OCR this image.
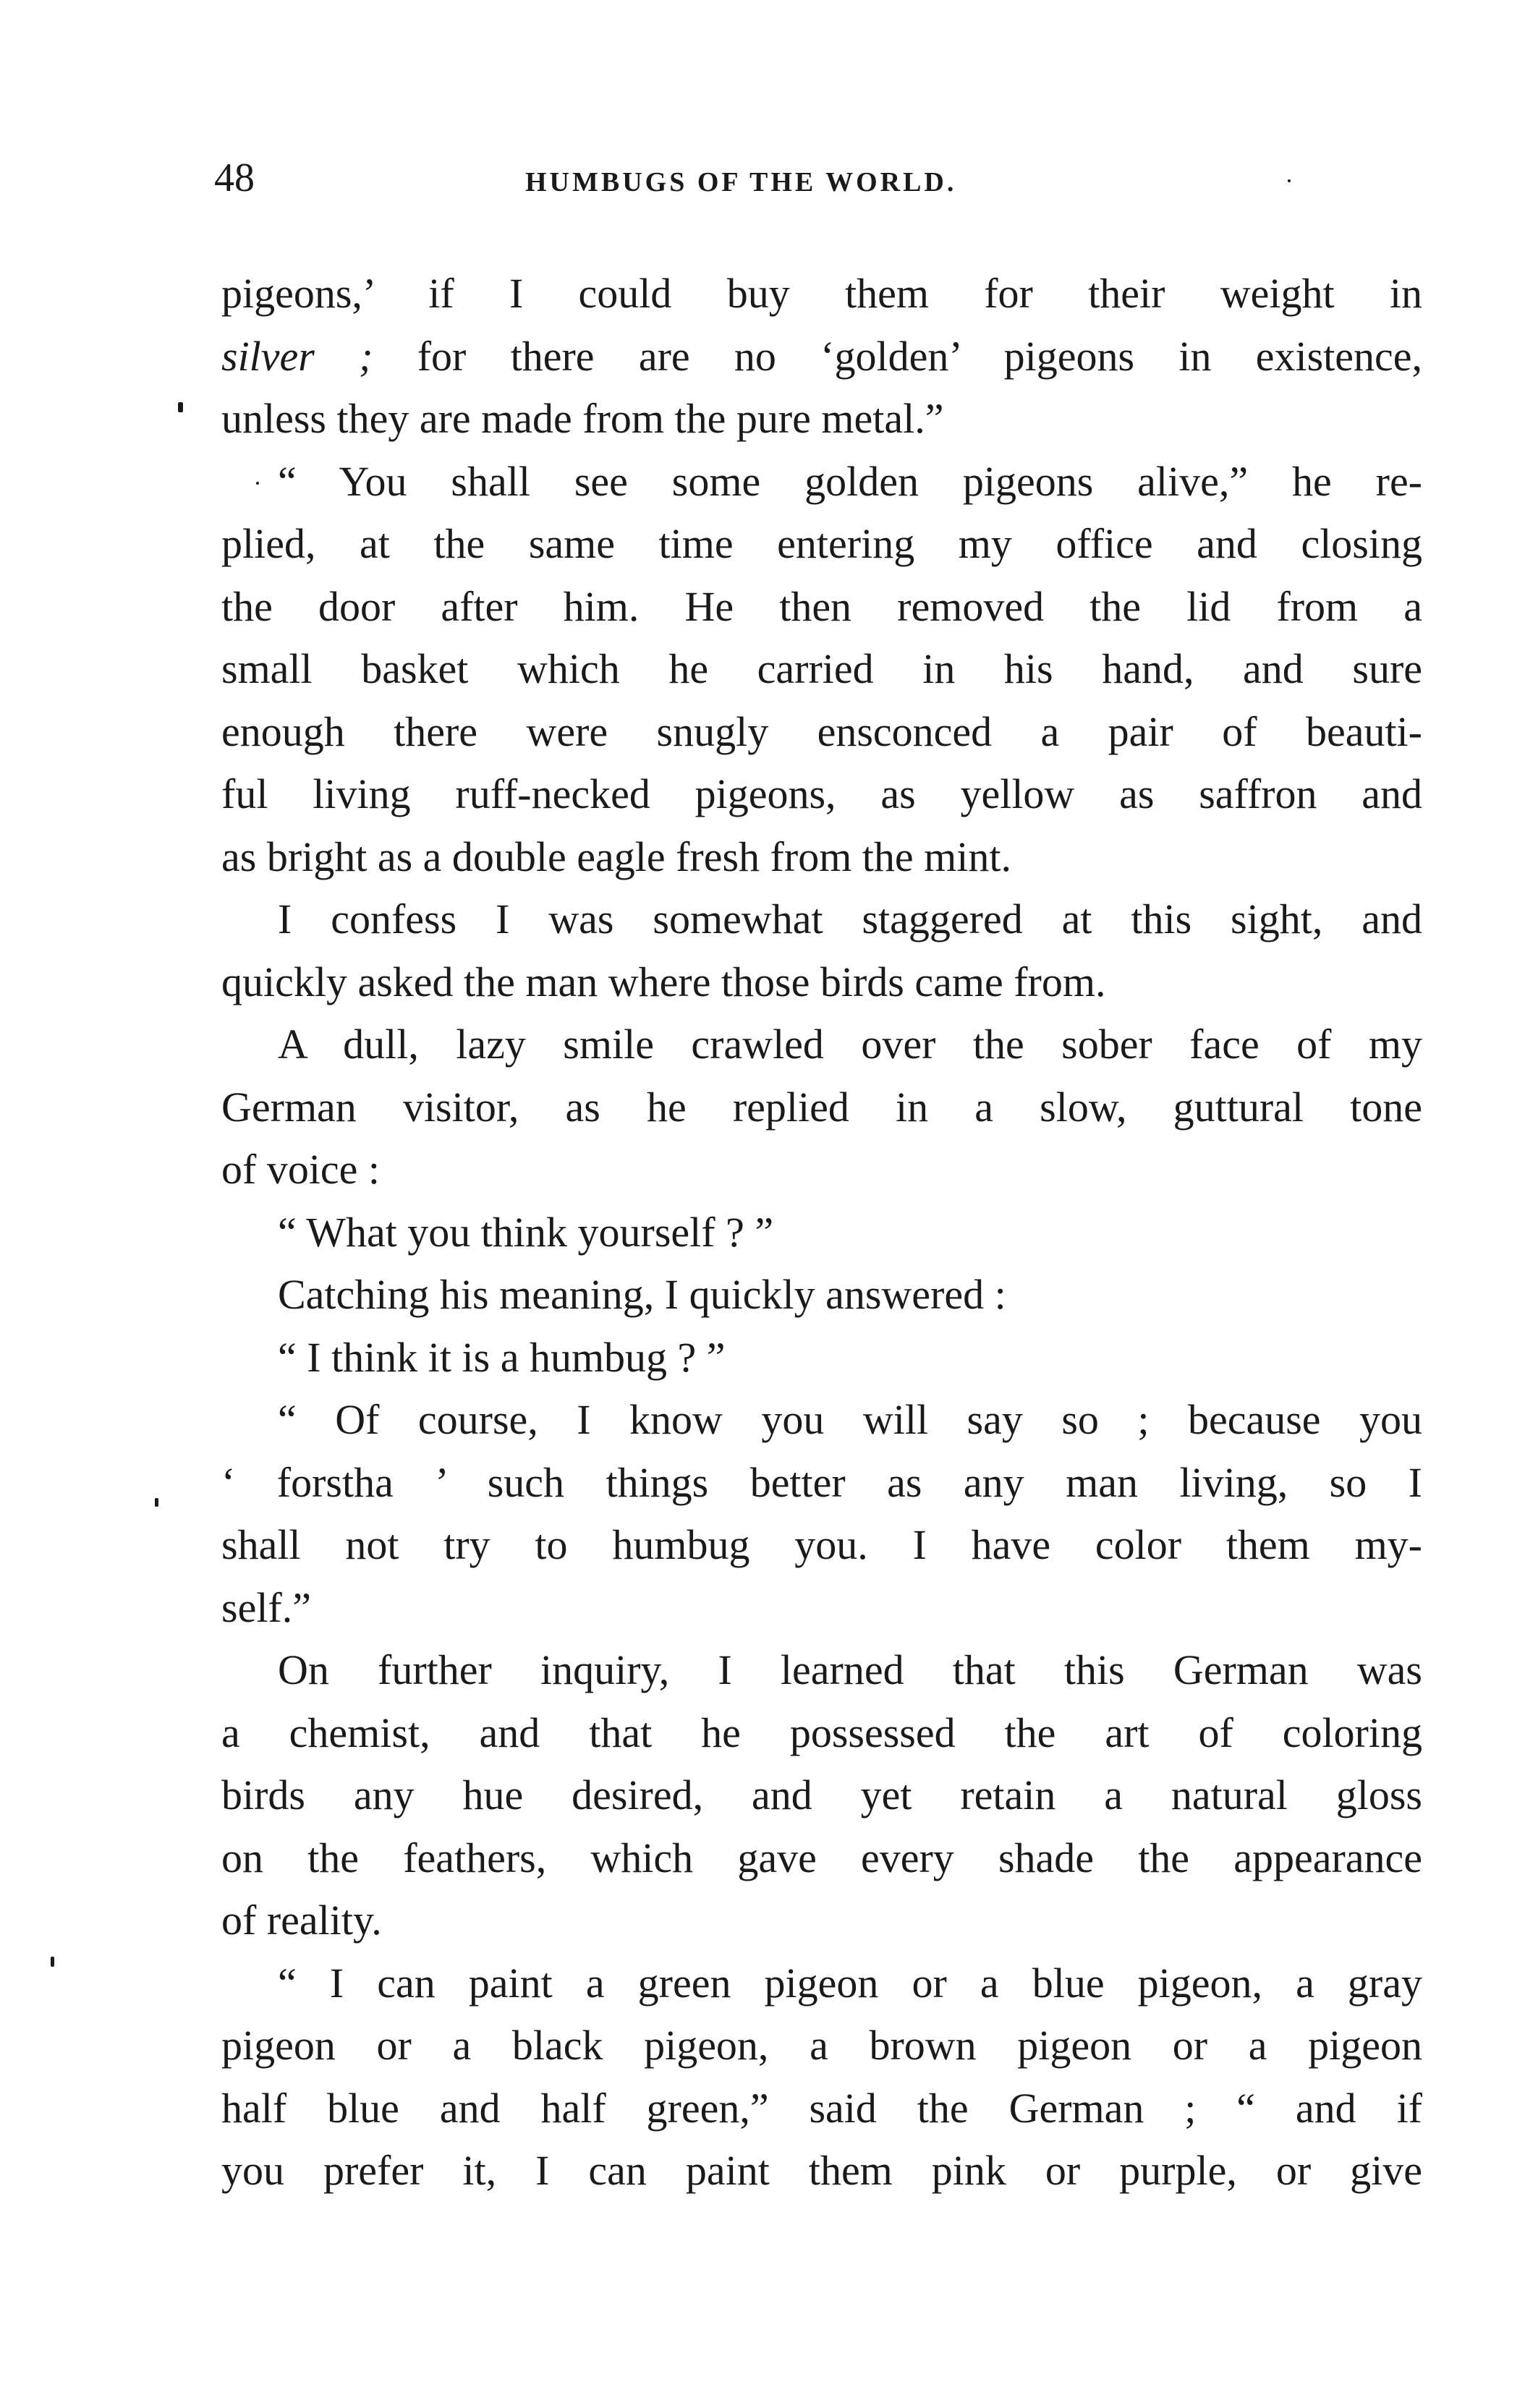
48	HUMBUGS OF THE WORLD.
pigeons,’ if I could buy them for their weight in
silver ; for there are no ‘golden’ pigeons in existence,
unless they are made from the pure metal.”
“ You shall see some golden pigeons alive,” he re-
plied, at the same time entering my office and closing
the door after him. He then removed the lid from a
small basket which he carried in his hand, and sure
enough there were snugly ensconced a pair of beauti-
ful living ruff-necked pigeons, as yellow as saffron and
as bright as a double eagle fresh from the mint.
I confess I was somewhat staggered at this sight, and
quickly asked the man where those birds came from.
A dull, lazy smile crawled over the sober face of my
German visitor, as he replied in a slow, guttural tone
of voice :
“ What you think yourself ? ”
Catching his meaning, I quickly answered :
“ I think it is a humbug ? ”
“ Of course, I know you will say so ; because you
‘ forstha ’ such things better as any man living, so I
shall not try to humbug you. I have color them my-
self.”
On further inquiry, I learned that this German was
a chemist, and that he possessed the art of coloring
birds any hue desired, and yet retain a natural gloss
on the feathers, which gave every shade the appearance
of reality.
“ I can paint a green pigeon or a blue pigeon, a gray
pigeon or a black pigeon, a brown pigeon or a pigeon
half blue and half green,” said the German ; “ and if
you prefer it, I can paint them pink or purple, or give
